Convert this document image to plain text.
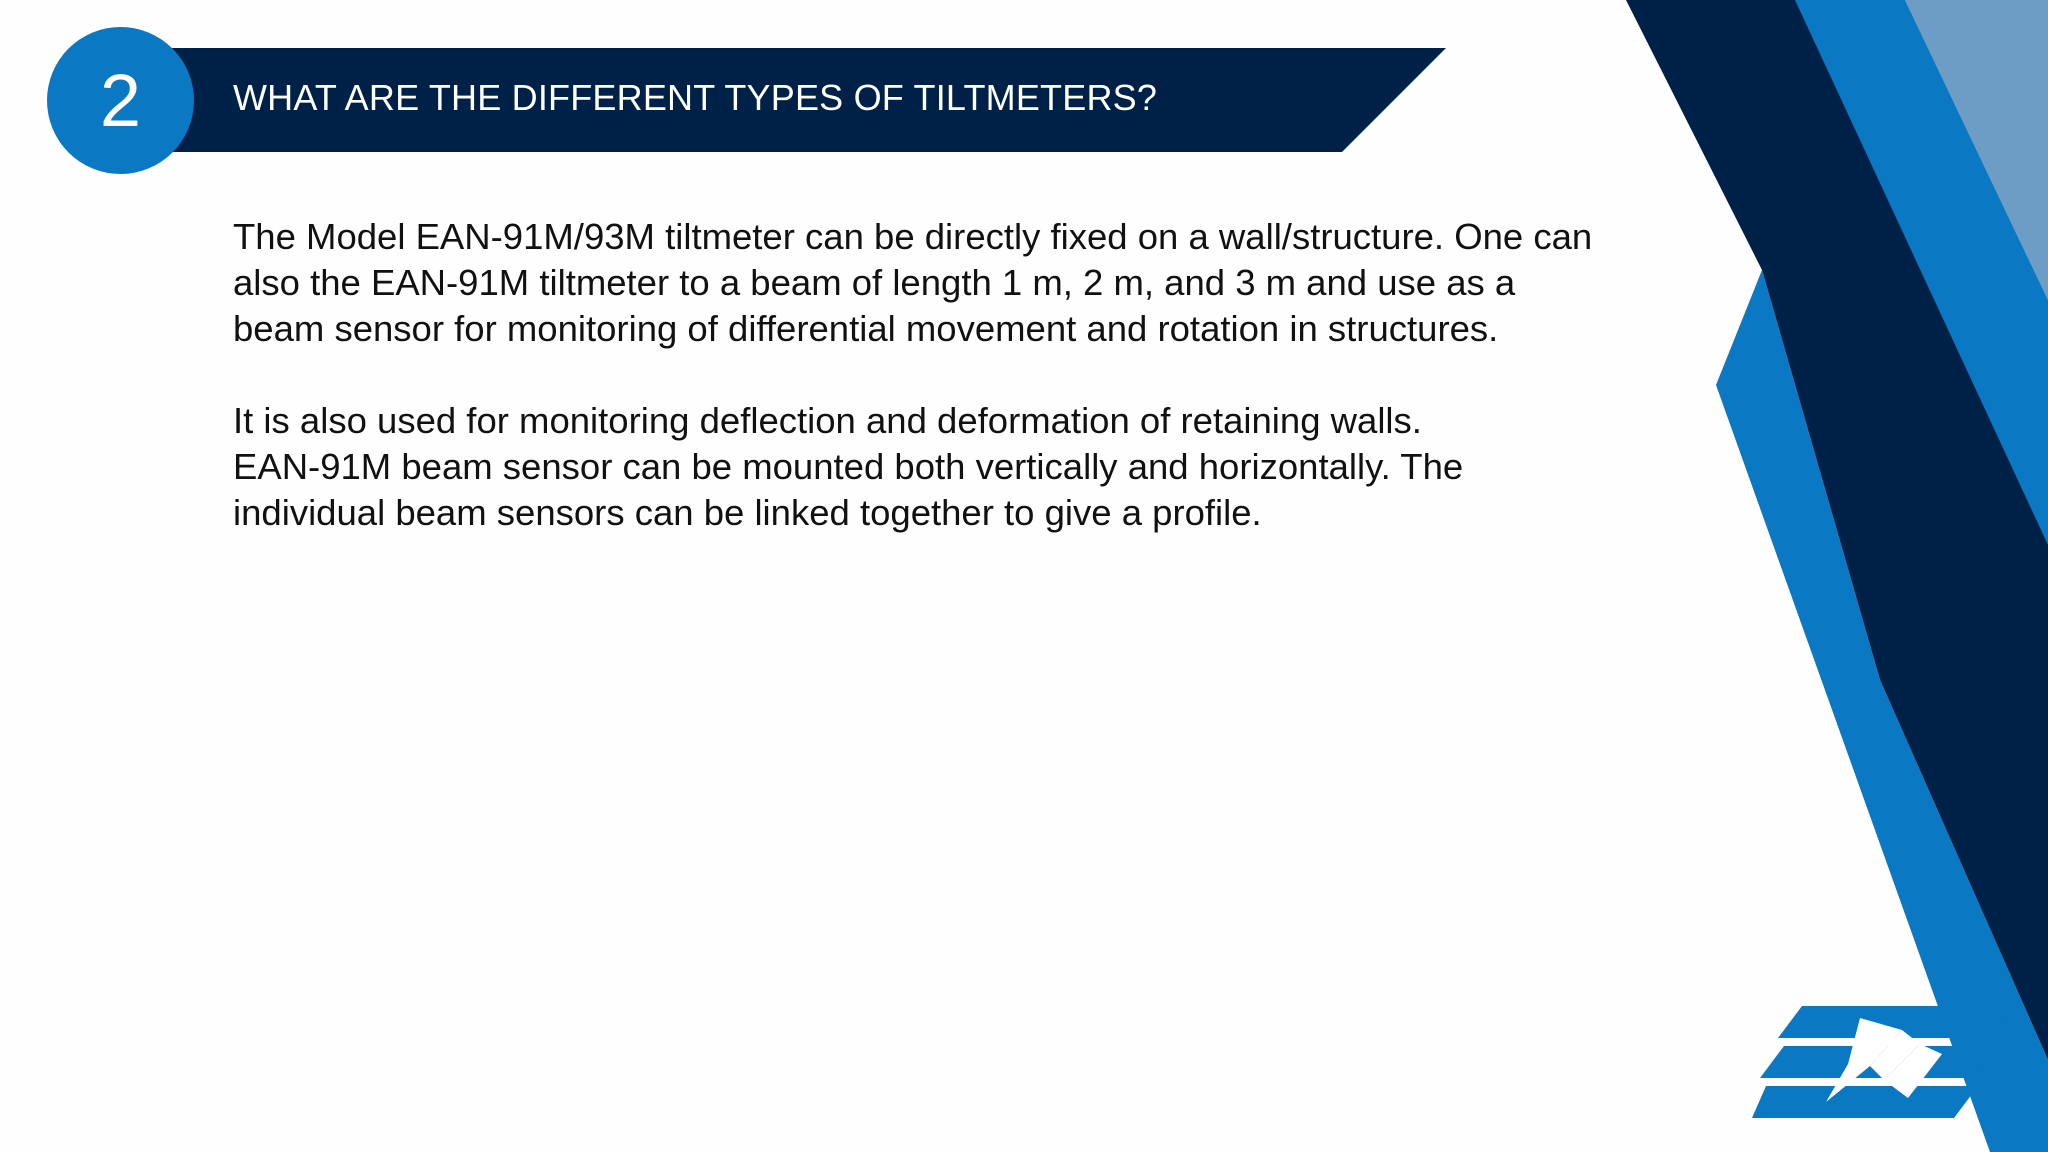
2	WHAT ARE THE DIFFERENT TYPES OF TILTMETERS?

The Model EAN-91M/93M tiltmeter can be directly fixed on a wall/structure. One can
also the EAN-91M tiltmeter to a beam of length 1 m, 2 m, and 3 m and use as a
beam sensor for monitoring of differential movement and rotation in structures.

It is also used for monitoring deflection and deformation of retaining walls.
EAN-91M beam sensor can be mounted both vertically and horizontally. The
individual beam sensors can be linked together to give a profile.
